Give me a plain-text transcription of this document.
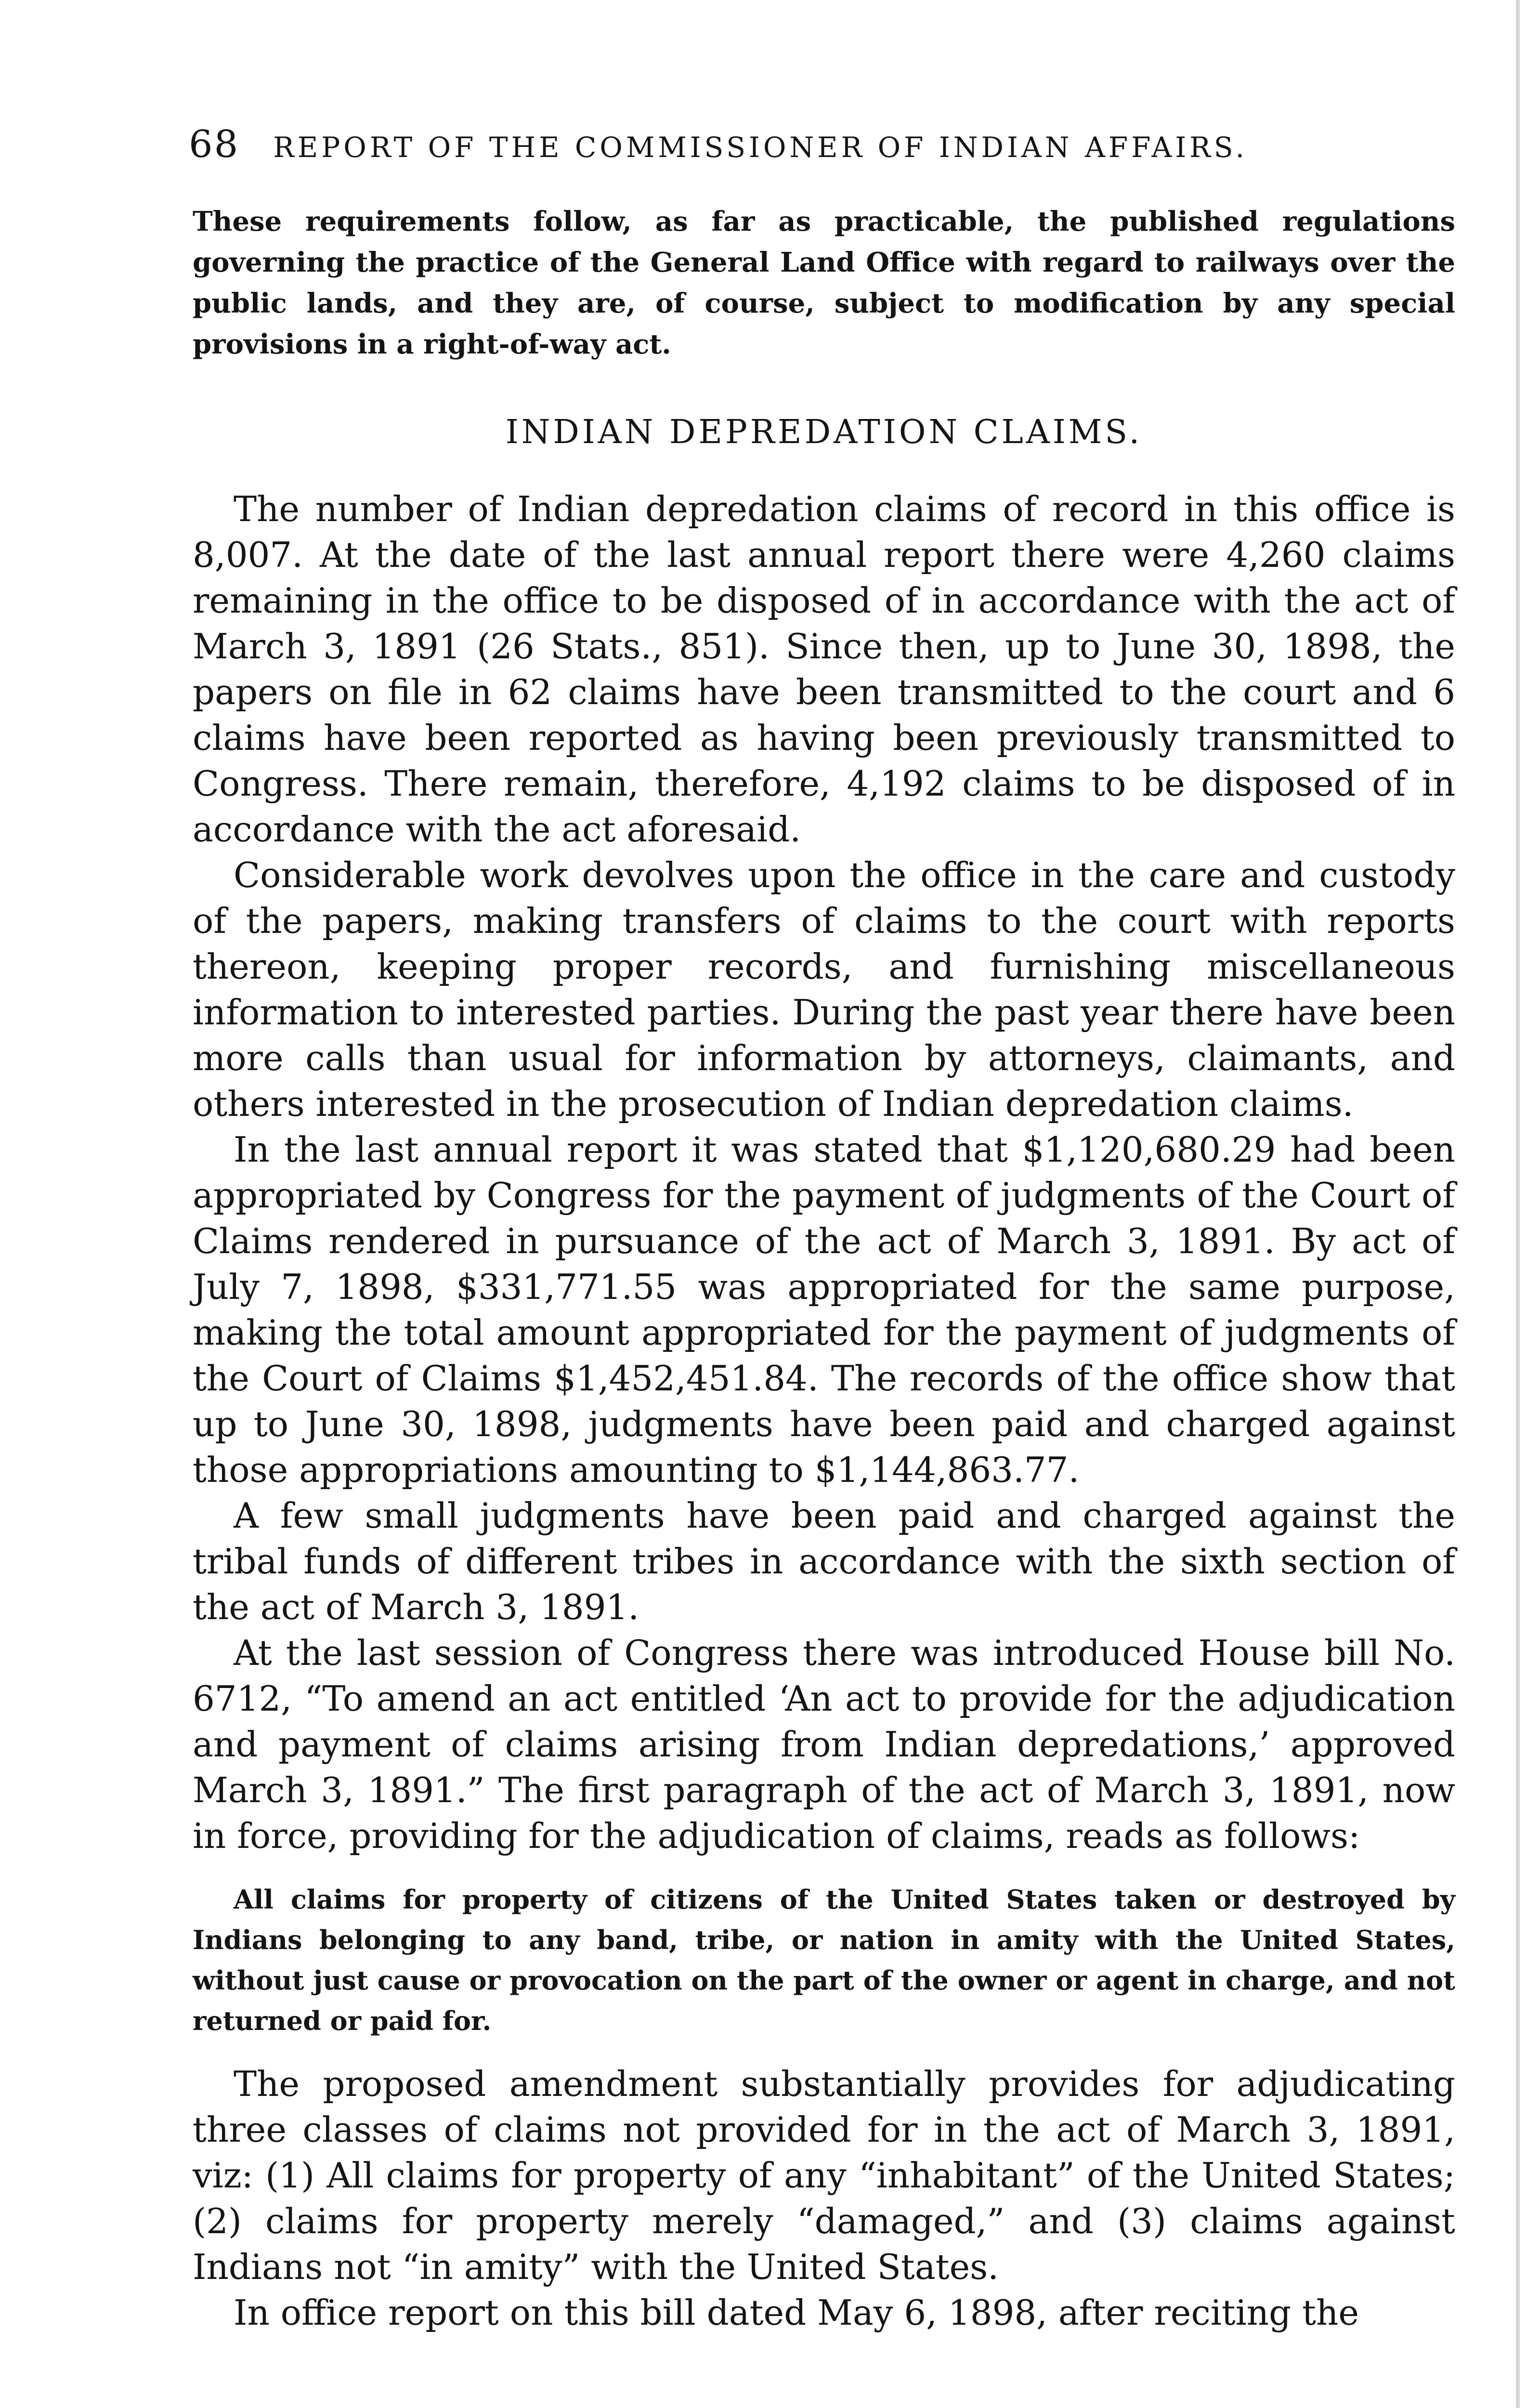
68 REPORT OF THE COMMISSIONER OF INDIAN AFFAIRS.
These requirements follow, as far as practicable, the published regulations governing the practice of the General Land Office with regard to railways over the public lands, and they are, of course, subject to modification by any special provisions in a right-of-way act.
INDIAN DEPREDATION CLAIMS.

The number of Indian depredation claims of record in this office is 8,007. At the date of the last annual report there were 4,260 claims remaining in the office to be disposed of in accordance with the act of March 3, 1891 (26 Stats., 851). Since then, up to June 30, 1898, the papers on file in 62 claims have been transmitted to the court and 6 claims have been reported as having been previously transmitted to Congress. There remain, therefore, 4,192 claims to be disposed of in accordance with the act aforesaid.

Considerable work devolves upon the office in the care and custody of the papers, making transfers of claims to the court with reports thereon, keeping proper records, and furnishing miscellaneous information to interested parties. During the past year there have been more calls than usual for information by attorneys, claimants, and others interested in the prosecution of Indian depredation claims.

In the last annual report it was stated that $1,120,680.29 had been appropriated by Congress for the payment of judgments of the Court of Claims rendered in pursuance of the act of March 3, 1891. By act of July 7, 1898, $331,771.55 was appropriated for the same purpose, making the total amount appropriated for the payment of judgments of the Court of Claims $1,452,451.84. The records of the office show that up to June 30, 1898, judgments have been paid and charged against those appropriations amounting to $1,144,863.77.

A few small judgments have been paid and charged against the tribal funds of different tribes in accordance with the sixth section of the act of March 3, 1891.

At the last session of Congress there was introduced House bill No. 6712, “To amend an act entitled ‘An act to provide for the adjudication and payment of claims arising from Indian depredations,’ approved March 3, 1891.” The first paragraph of the act of March 3, 1891, now in force, providing for the adjudication of claims, reads as follows:

All claims for property of citizens of the United States taken or destroyed by Indians belonging to any band, tribe, or nation in amity with the United States, without just cause or provocation on the part of the owner or agent in charge, and not returned or paid for.

The proposed amendment substantially provides for adjudicating three classes of claims not provided for in the act of March 3, 1891, viz: (1) All claims for property of any “inhabitant” of the United States; (2) claims for property merely “damaged,” and (3) claims against Indians not “in amity” with the United States.

In office report on this bill dated May 6, 1898, after reciting the
